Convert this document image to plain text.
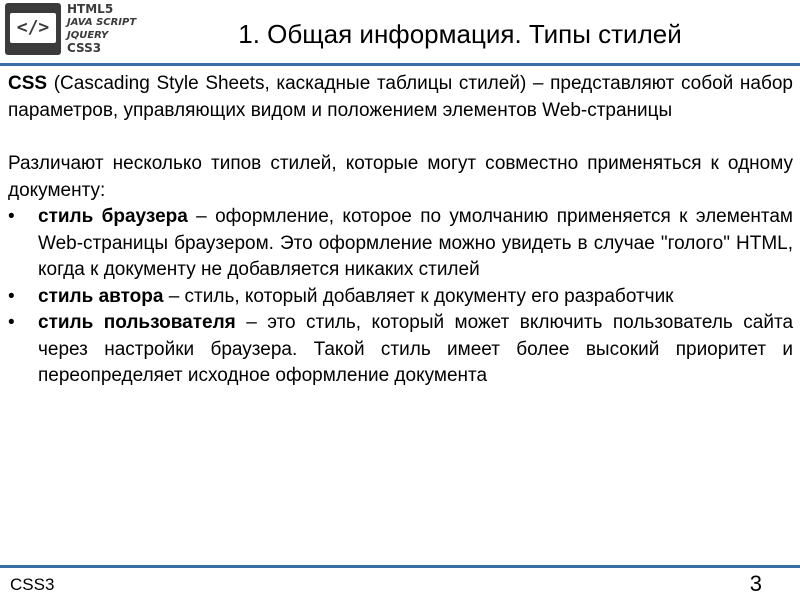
</>
HTML5
JAVA SCRIPT
JQUERY
CSS3	1. Общая информация. Типы стилей

CSS (Cascading Style Sheets, каскадные таблицы стилей) – представляют собой набор параметров, управляющих видом и положением элементов Web-страницы

Различают несколько типов стилей, которые могут совместно применяться к одному документу:

• стиль браузера – оформление, которое по умолчанию применяется к элементам Web-страницы браузером. Это оформление можно увидеть в случае "голого" HTML, когда к документу не добавляется никаких стилей
• стиль автора – стиль, который добавляет к документу его разработчик
• стиль пользователя – это стиль, который может включить пользователь сайта через настройки браузера. Такой стиль имеет более высокий приоритет и переопределяет исходное оформление документа
CSS3	3
